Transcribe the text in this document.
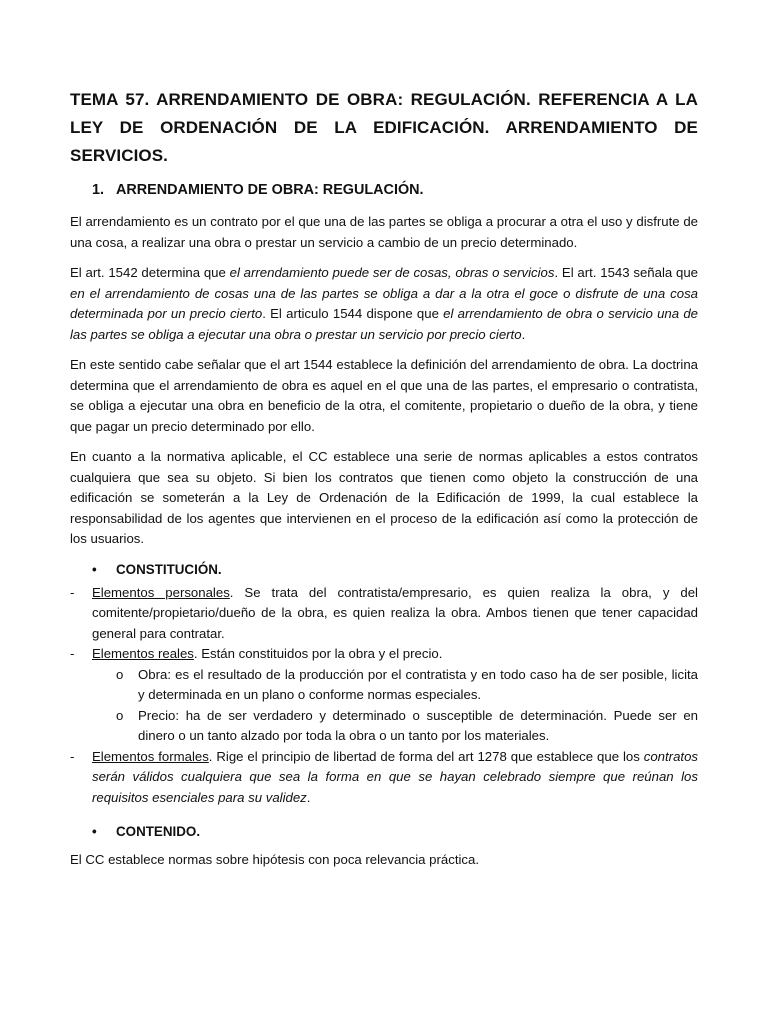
TEMA 57. ARRENDAMIENTO DE OBRA: REGULACIÓN. REFERENCIA A LA LEY DE ORDENACIÓN DE LA EDIFICACIÓN. ARRENDAMIENTO DE SERVICIOS.
1. ARRENDAMIENTO DE OBRA: REGULACIÓN.

El arrendamiento es un contrato por el que una de las partes se obliga a procurar a otra el uso y disfrute de una cosa, a realizar una obra o prestar un servicio a cambio de un precio determinado.

El art. 1542 determina que el arrendamiento puede ser de cosas, obras o servicios. El art. 1543 señala que en el arrendamiento de cosas una de las partes se obliga a dar a la otra el goce o disfrute de una cosa determinada por un precio cierto. El articulo 1544 dispone que el arrendamiento de obra o servicio una de las partes se obliga a ejecutar una obra o prestar un servicio por precio cierto.

En este sentido cabe señalar que el art 1544 establece la definición del arrendamiento de obra. La doctrina determina que el arrendamiento de obra es aquel en el que una de las partes, el empresario o contratista, se obliga a ejecutar una obra en beneficio de la otra, el comitente, propietario o dueño de la obra, y tiene que pagar un precio determinado por ello.

En cuanto a la normativa aplicable, el CC establece una serie de normas aplicables a estos contratos cualquiera que sea su objeto. Si bien los contratos que tienen como objeto la construcción de una edificación se someterán a la Ley de Ordenación de la Edificación de 1999, la cual establece la responsabilidad de los agentes que intervienen en el proceso de la edificación así como la protección de los usuarios.

•	CONSTITUCIÓN.
-	Elementos personales. Se trata del contratista/empresario, es quien realiza la obra, y del comitente/propietario/dueño de la obra, es quien realiza la obra. Ambos tienen que tener capacidad general para contratar.
-	Elementos reales. Están constituidos por la obra y el precio.
o	Obra: es el resultado de la producción por el contratista y en todo caso ha de ser posible, licita y determinada en un plano o conforme normas especiales.
o	Precio: ha de ser verdadero y determinado o susceptible de determinación. Puede ser en dinero o un tanto alzado por toda la obra o un tanto por los materiales.
-	Elementos formales. Rige el principio de libertad de forma del art 1278 que establece que los contratos serán válidos cualquiera que sea la forma en que se hayan celebrado siempre que reúnan los requisitos esenciales para su validez.
•	CONTENIDO.

El CC establece normas sobre hipótesis con poca relevancia práctica.
